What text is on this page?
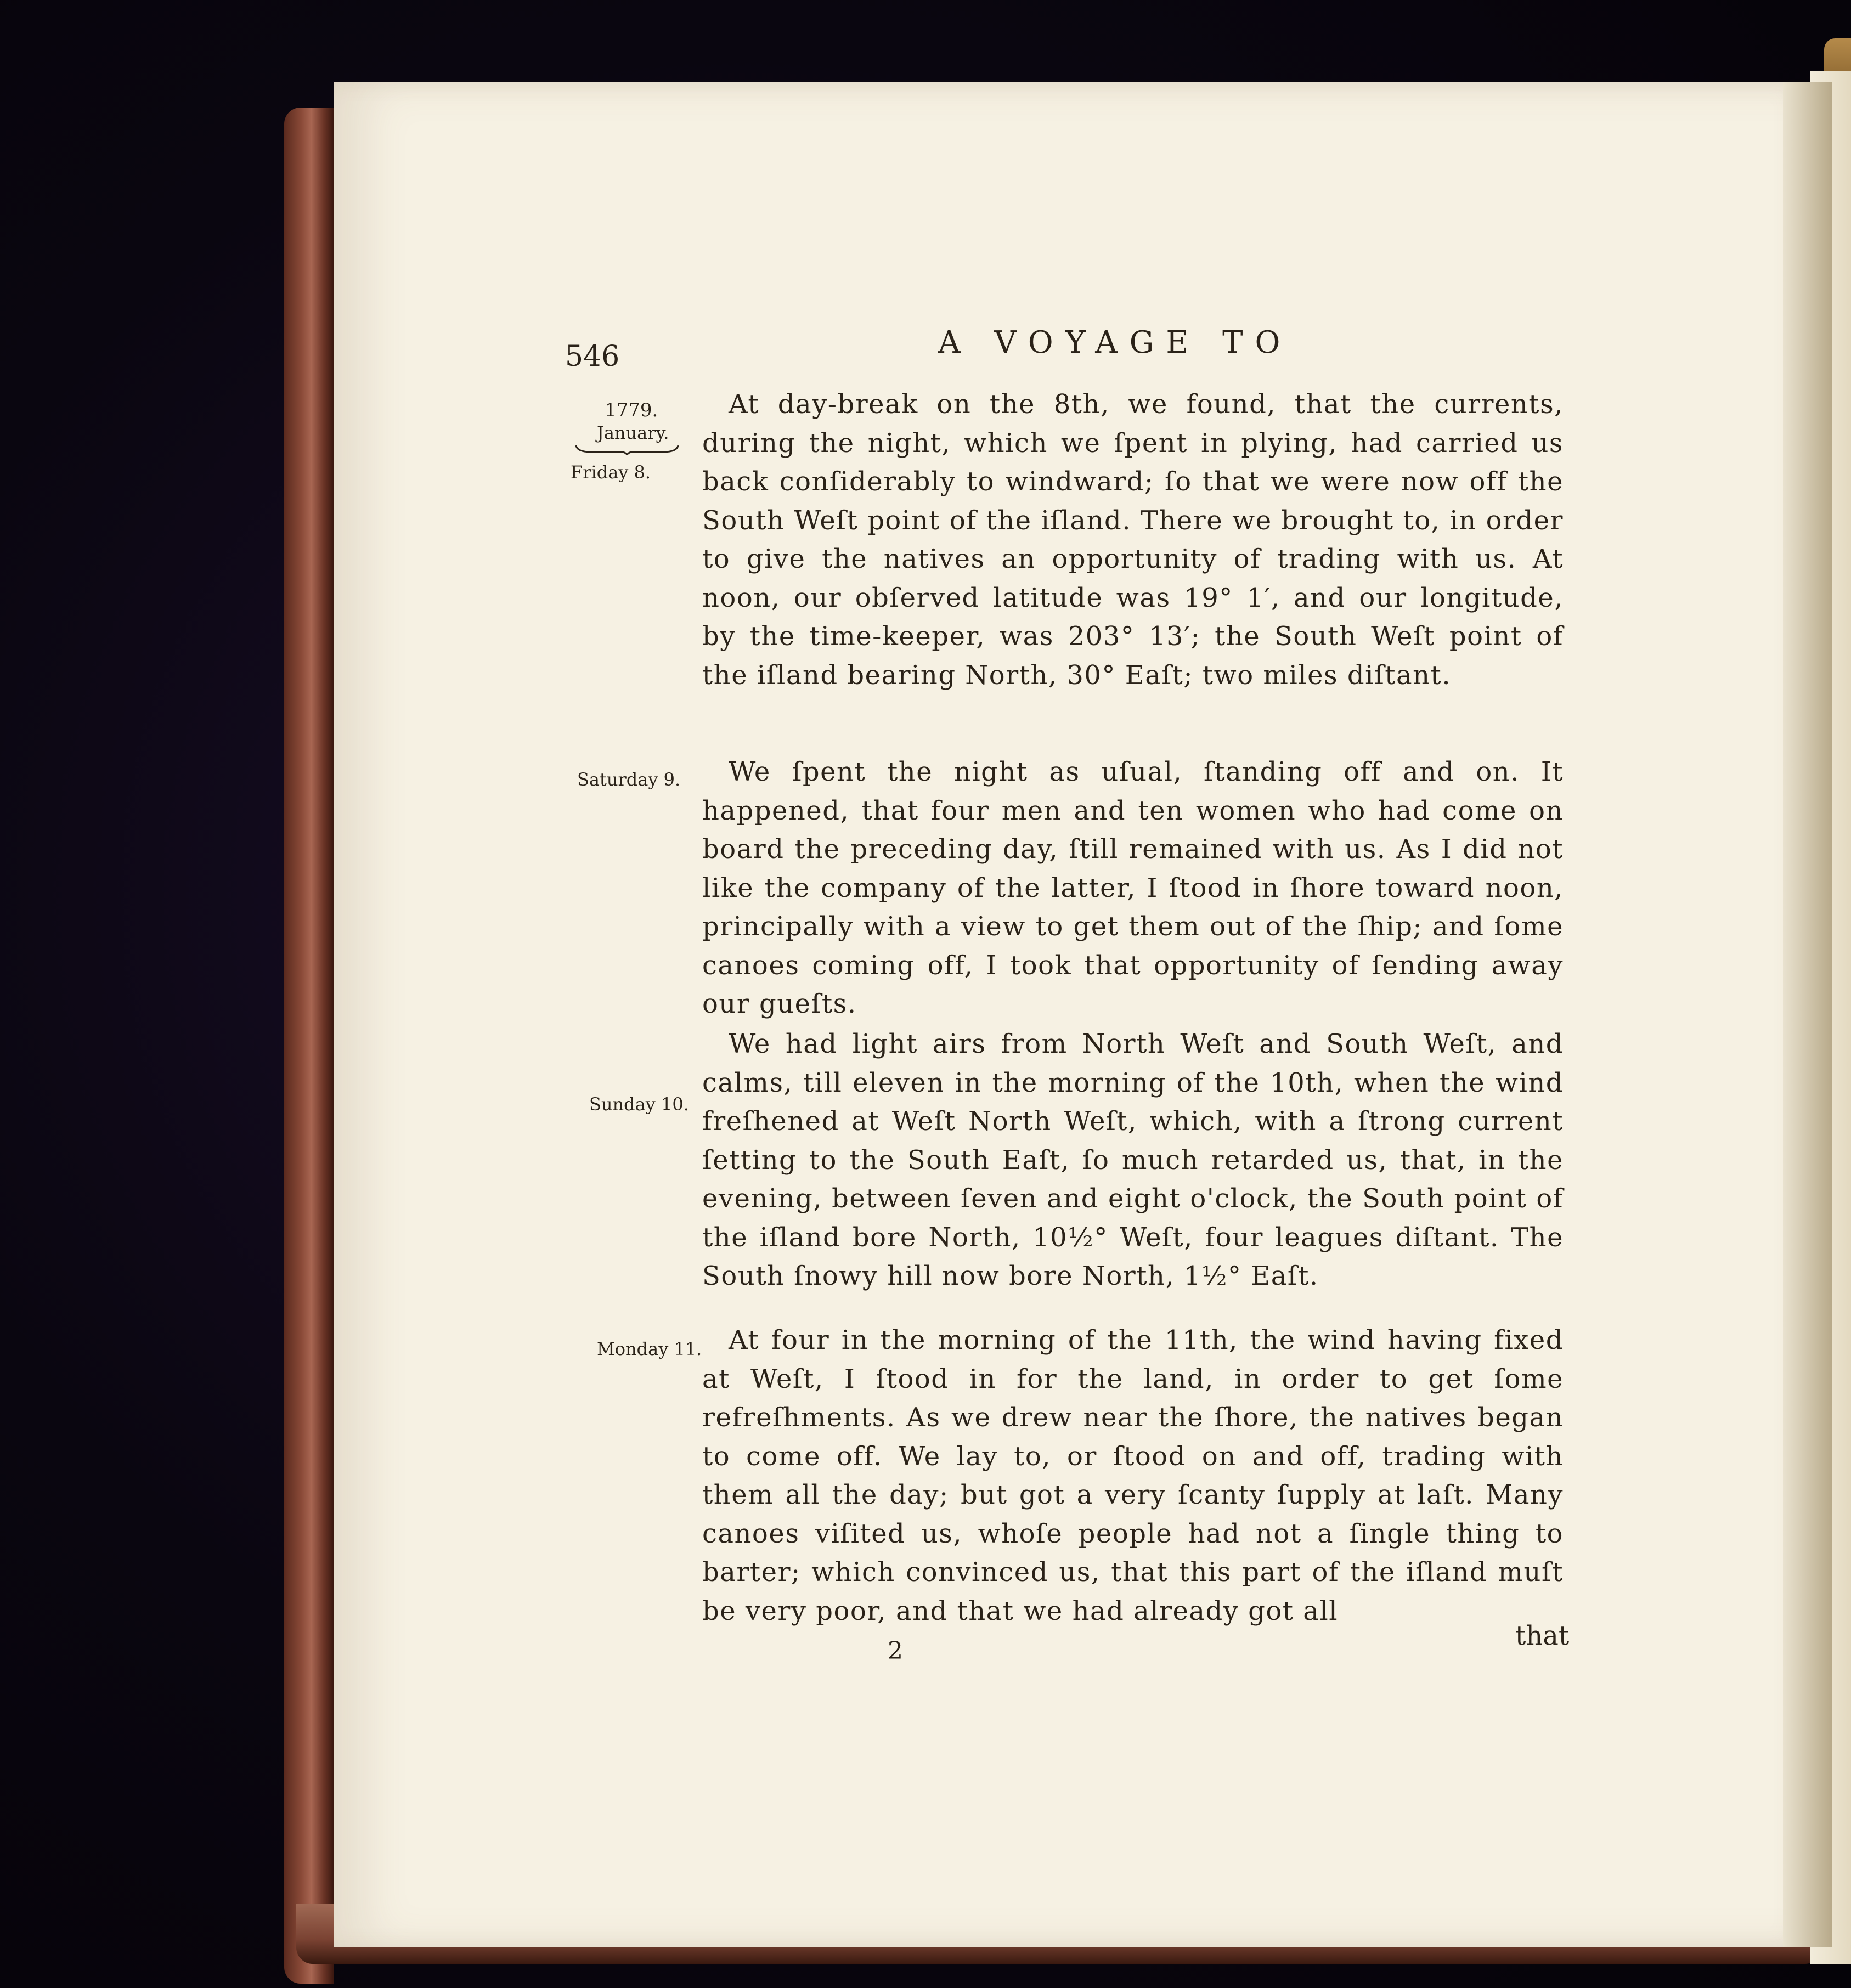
546	A VOYAGE TO
1779.
January.
Friday 8.
Saturday 9.
Sunday 10.
Monday 11.

At day-break on the 8th, we found, that the currents, during the night, which we ſpent in plying, had carried us back conſiderably to windward; ſo that we were now off the South Weſt point of the iſland. There we brought to, in order to give the natives an opportunity of trading with us. At noon, our obſerved latitude was 19° 1′, and our longitude, by the time-keeper, was 203° 13′; the South Weſt point of the iſland bearing North, 30° Eaſt; two miles diſtant.

We ſpent the night as uſual, ſtanding off and on. It happened, that four men and ten women who had come on board the preceding day, ſtill remained with us. As I did not like the company of the latter, I ſtood in ſhore toward noon, principally with a view to get them out of the ſhip; and ſome canoes coming off, I took that opportunity of ſending away our gueſts.

We had light airs from North Weſt and South Weſt, and calms, till eleven in the morning of the 10th, when the wind freſhened at Weſt North Weſt, which, with a ſtrong current ſetting to the South Eaſt, ſo much retarded us, that, in the evening, between ſeven and eight o'clock, the South point of the iſland bore North, 10½° Weſt, four leagues diſtant. The South ſnowy hill now bore North, 1½° Eaſt.

At four in the morning of the 11th, the wind having fixed at Weſt, I ſtood in for the land, in order to get ſome refreſhments. As we drew near the ſhore, the natives began to come off. We lay to, or ſtood on and off, trading with them all the day; but got a very ſcanty ſupply at laſt. Many canoes viſited us, whoſe people had not a ſingle thing to barter; which convinced us, that this part of the iſland muſt be very poor, and that we had already got all

2	that
